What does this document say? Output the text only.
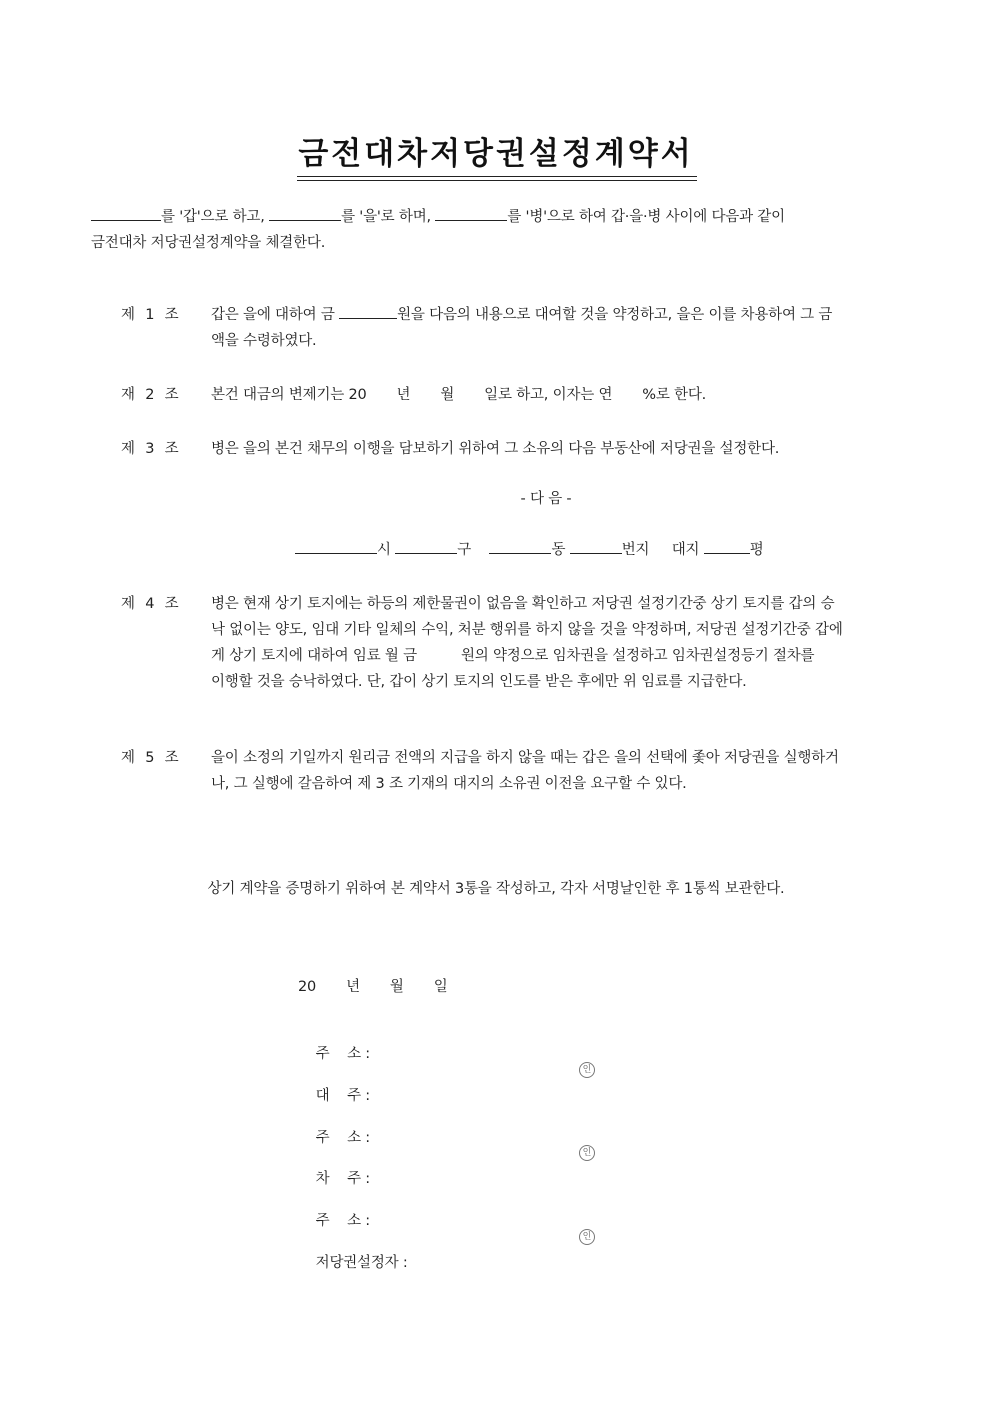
금전대차저당권설정계약서
를 '갑'으로 하고,	를 '을'로 하며,	를 '병'으로 하여 갑·을·병 사이에 다음과 같이
금전대차 저당권설정계약을 체결한다.
제 1 조	갑은 을에 대하여 금	원을 다음의 내용으로 대여할 것을 약정하고, 을은 이를 차용하여 그 금
액을 수령하였다.
재 2 조	본건 대금의 변제기는 20 년 월 일로 하고, 이자는 연 %로 한다.
제 3 조	병은 을의 본건 채무의 이행을 담보하기 위하여 그 소유의 다음 부동산에 저당권을 설정한다.
- 다 음 -
시	구	동	번지 대지	평
제 4 조	병은 현재 상기 토지에는 하등의 제한물권이 없음을 확인하고 저당권 설정기간중 상기 토지를 갑의 승
낙 없이는 양도, 임대 기타 일체의 수익, 처분 행위를 하지 않을 것을 약정하며, 저당권 설정기간중 갑에
게 상기 토지에 대하여 임료 월 금	원의 약정으로 임차권을 설정하고 임차권설정등기 절차를
이행할 것을 승낙하였다. 단, 갑이 상기 토지의 인도를 받은 후에만 위 임료를 지급한다.
제 5 조	을이 소정의 기일까지 원리금 전액의 지급을 하지 않을 때는 갑은 을의 선택에 좇아 저당권을 실행하거
나, 그 실행에 갈음하여 제 3 조 기재의 대지의 소유권 이전을 요구할 수 있다.
상기 계약을 증명하기 위하여 본 계약서 3통을 작성하고, 각자 서명날인한 후 1통씩 보관한다.
20 년 월 일

주    소 :

대    주 :

인

주    소 :

차    주 :

인

주    소 :

저당권설정자 :

인
